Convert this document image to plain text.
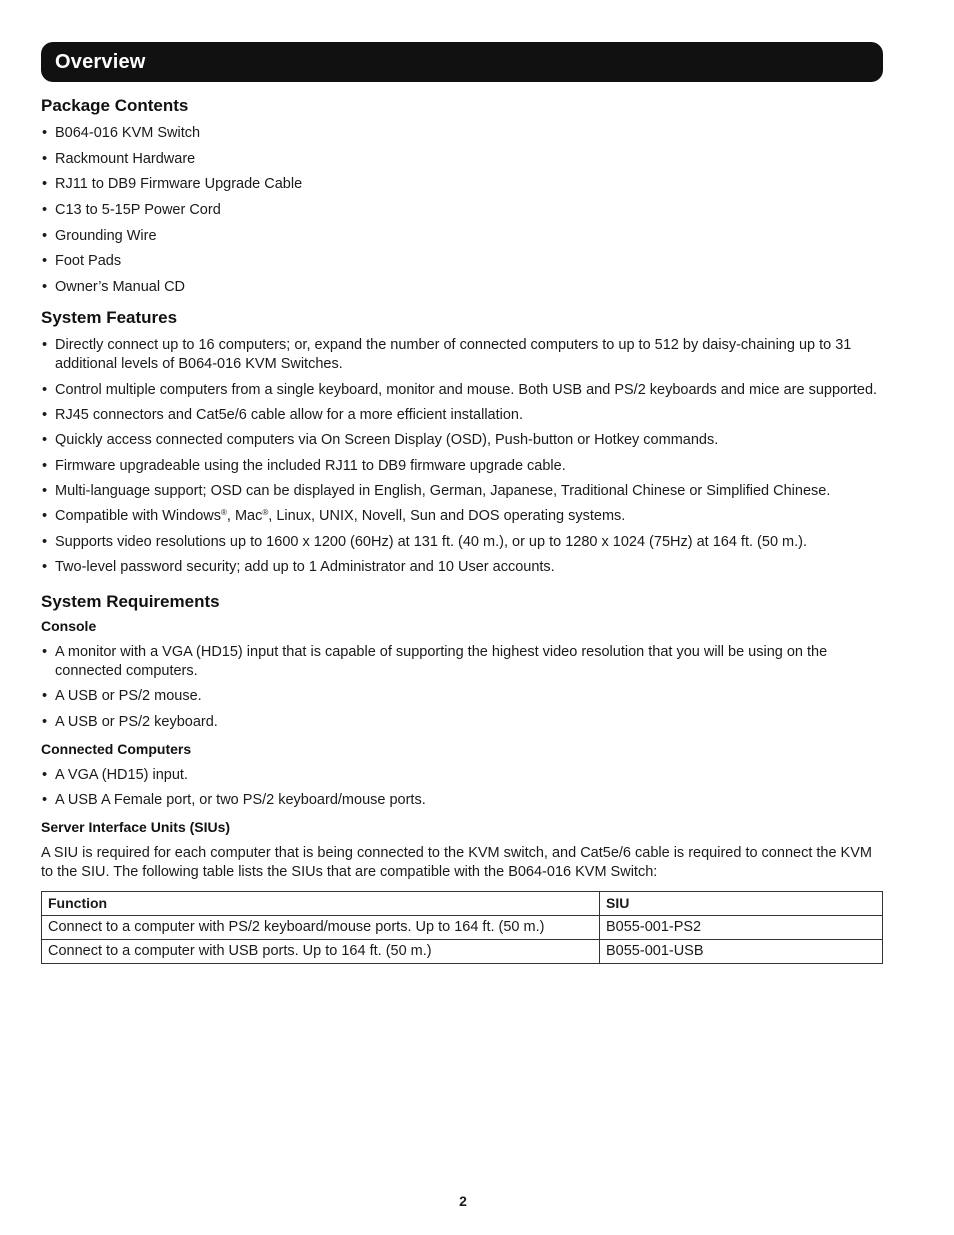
Overview
Package Contents
• B064-016 KVM Switch
• Rackmount Hardware
• RJ11 to DB9 Firmware Upgrade Cable
• C13 to 5-15P Power Cord
• Grounding Wire
• Foot Pads
• Owner’s Manual CD
System Features
• Directly connect up to 16 computers; or, expand the number of connected computers to up to 512 by daisy-chaining up to 31 additional levels of B064-016 KVM Switches.
• Control multiple computers from a single keyboard, monitor and mouse. Both USB and PS/2 keyboards and mice are supported.
• RJ45 connectors and Cat5e/6 cable allow for a more efficient installation.
• Quickly access connected computers via On Screen Display (OSD), Push-button or Hotkey commands.
• Firmware upgradeable using the included RJ11 to DB9 firmware upgrade cable.
• Multi-language support; OSD can be displayed in English, German, Japanese, Traditional Chinese or Simplified Chinese.
• Compatible with Windows®, Mac®, Linux, UNIX, Novell, Sun and DOS operating systems.
• Supports video resolutions up to 1600 x 1200 (60Hz) at 131 ft. (40 m.), or up to 1280 x 1024 (75Hz) at 164 ft. (50 m.).
• Two-level password security; add up to 1 Administrator and 10 User accounts.
System Requirements
Console
• A monitor with a VGA (HD15) input that is capable of supporting the highest video resolution that you will be using on the connected computers.
• A USB or PS/2 mouse.
• A USB or PS/2 keyboard.
Connected Computers
• A VGA (HD15) input.
• A USB A Female port, or two PS/2 keyboard/mouse ports.
Server Interface Units (SIUs)

A SIU is required for each computer that is being connected to the KVM switch, and Cat5e/6 cable is required to connect the KVM to the SIU. The following table lists the SIUs that are compatible with the B064-016 KVM Switch:

Function	SIU
Connect to a computer with PS/2 keyboard/mouse ports. Up to 164 ft. (50 m.)	B055-001-PS2
Connect to a computer with USB ports. Up to 164 ft. (50 m.)	B055-001-USB
2
